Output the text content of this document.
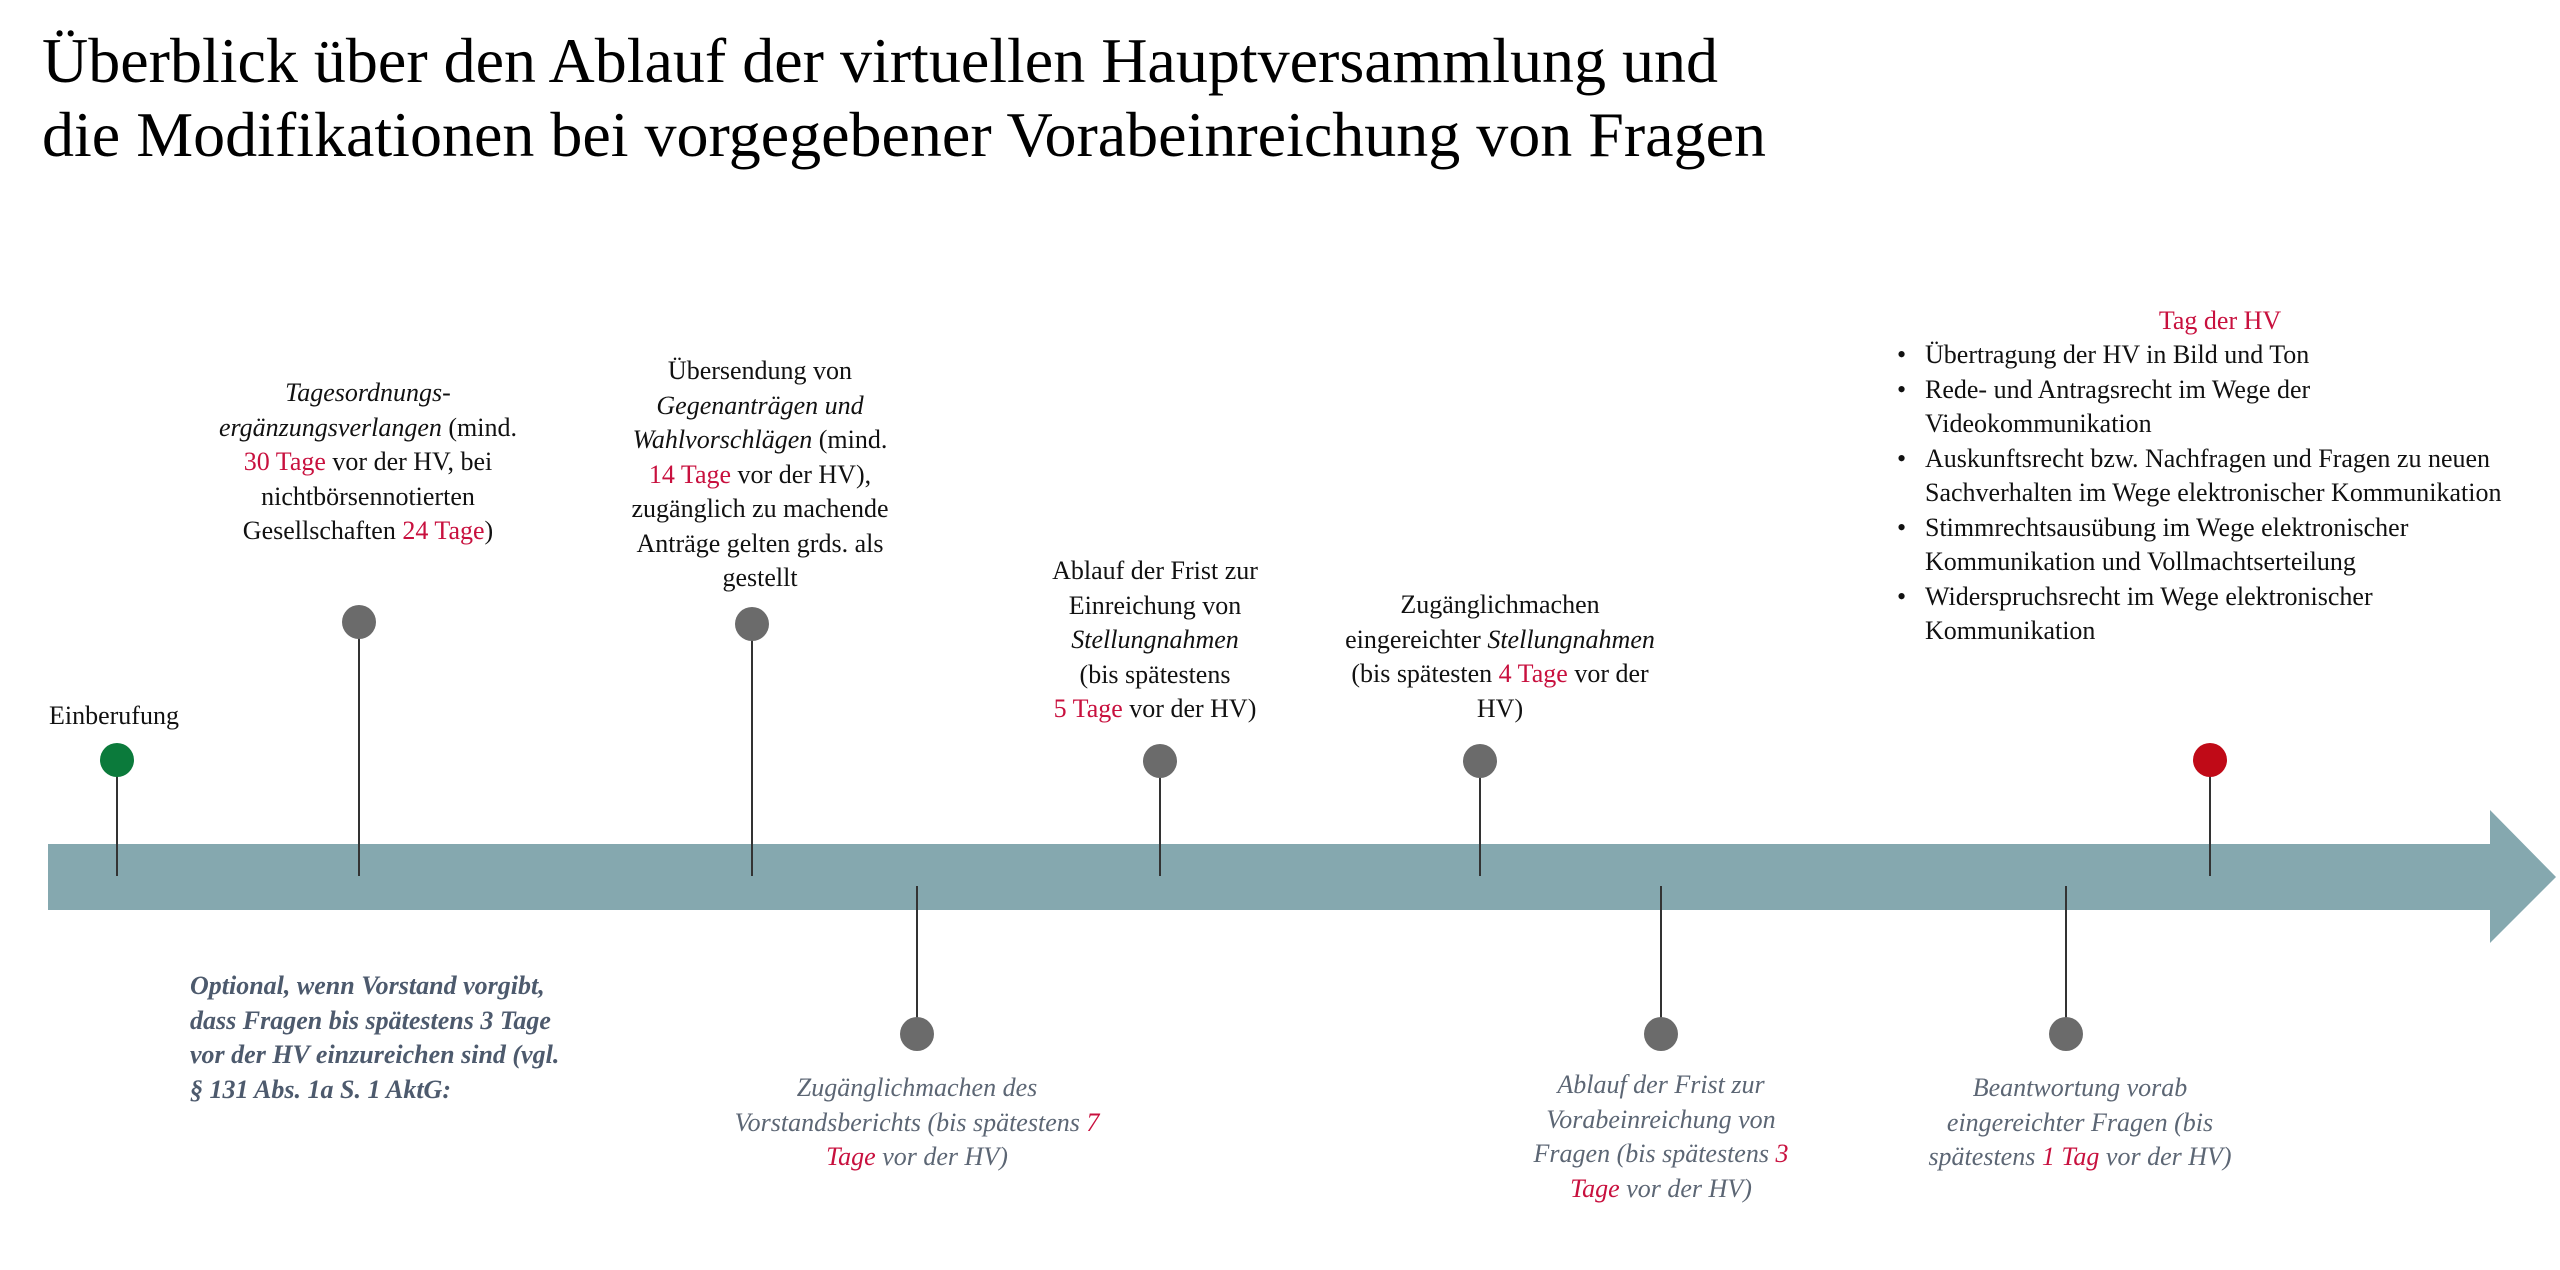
Überblick über den Ablauf der virtuellen Hauptversammlung und
die Modifikationen bei vorgegebener Vorabeinreichung von Fragen
Einberufung
Tagesordnungs-
ergänzungsverlangen (mind.
30 Tage vor der HV, bei
nichtbörsennotierten
Gesellschaften 24 Tage)
Übersendung von
Gegenanträgen und
Wahlvorschlägen (mind.
14 Tage vor der HV),
zugänglich zu machende
Anträge gelten grds. als
gestellt	Ablauf der Frist zur
Einreichung von
Stellungnahmen
(bis spätestens
5 Tage vor der HV)
Zugänglichmachen
eingereichter Stellungnahmen
(bis spätesten 4 Tage vor der
HV)
Tag der HV
• Übertragung der HV in Bild und Ton
• Rede- und Antragsrecht im Wege der Videokommunikation
• Auskunftsrecht bzw. Nachfragen und Fragen zu neuen Sachverhalten im Wege elektronischer Kommunikation
• Stimmrechtsausübung im Wege elektronischer Kommunikation und Vollmachtserteilung
• Widerspruchsrecht im Wege elektronischer Kommunikation
Optional, wenn Vorstand vorgibt,
dass Fragen bis spätestens 3 Tage
vor der HV einzureichen sind (vgl.
§ 131 Abs. 1a S. 1 AktG:	Zugänglichmachen des
Vorstandsberichts (bis spätestens 7
Tage vor der HV)
Ablauf der Frist zur
Vorabeinreichung von
Fragen (bis spätestens 3
Tage vor der HV)
Beantwortung vorab
eingereichter Fragen (bis
spätestens 1 Tag vor der HV)
